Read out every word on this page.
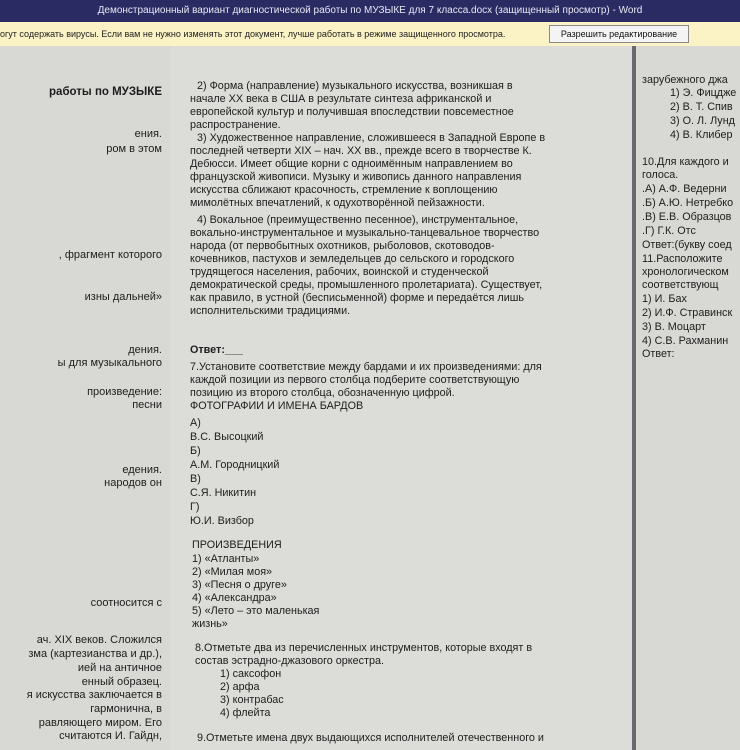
Демонстрационный вариант диагностической работы по МУЗЫКЕ для 7 класса.docx (защищенный просмотр) - Word
огут содержать вирусы. Если вам не нужно изменять этот документ, лучше работать в режиме защищенного просмотра.	Разрешить редактирование
работы по МУЗЫКЕ
ения.
ром в этом
, фрагмент которого
изны дальней»
дения.
ы для музыкального
произведение:
песни
едения.
народов он
соотносится с
ач. XIX веков. Сложился
зма (картезианства и др.),
ией на античное
енный образец.
я искусства заключается в
гармонична, в
равляющего миром. Его
считаются И. Гайдн,
2) Форма (направление) музыкального искусства, возникшая в
начале XX века в США в результате синтеза африканской и
европейской культур и получившая впоследствии повсеместное
распространение.
3) Художественное направление, сложившееся в Западной Европе в
последней четверти XIX – нач. XX вв., прежде всего в творчестве К.
Дебюсси. Имеет общие корни с одноимённым направлением во
французской живописи. Музыку и живопись данного направления
искусства сближают красочность, стремление к воплощению
мимолётных впечатлений, к одухотворённой пейзажности.
4) Вокальное (преимущественно песенное), инструментальное,
вокально-инструментальное и музыкально-танцевальное творчество
народа (от первобытных охотников, рыболовов, скотоводов-
кочевников, пастухов и земледельцев до сельского и городского
трудящегося населения, рабочих, воинской и студенческой
демократической среды, промышленного пролетариата). Существует,
как правило, в устной (бесписьменной) форме и передаётся лишь
исполнительскими традициями.
Ответ:___
7.Установите соответствие между бардами и их произведениями: для
каждой позиции из первого столбца подберите соответствующую
позицию из второго столбца, обозначенную цифрой.
ФОТОГРАФИИ И ИМЕНА БАРДОВ
А)
В.С. Высоцкий
Б)
А.М. Городницкий
В)
С.Я. Никитин
Г)
Ю.И. Визбор
ПРОИЗВЕДЕНИЯ
1) «Атланты»
2) «Милая моя»
3) «Песня о друге»
4) «Александра»
5) «Лето – это маленькая
жизнь»
8.Отметьте два из перечисленных инструментов, которые входят в
состав эстрадно-джазового оркестра.
1) саксофон
2) арфа
3) контрабас
4) флейта
9.Отметьте имена двух выдающихся исполнителей отечественного и
зарубежного джа
1) Э. Фицдже
2) В. Т. Спив
3) О. Л. Лунд
4) В. Клибер
10.Для каждого и
голоса.
.А) А.Ф. Ведерни
.Б) А.Ю. Нетребко
.В) Е.В. Образцов
.Г) Г.К. Отс
Ответ:(букву соед
11.Расположите
хронологическом
соответствующ
1) И. Бах
2) И.Ф. Стравинск
3) В. Моцарт
4) С.В. Рахманин
Ответ:
